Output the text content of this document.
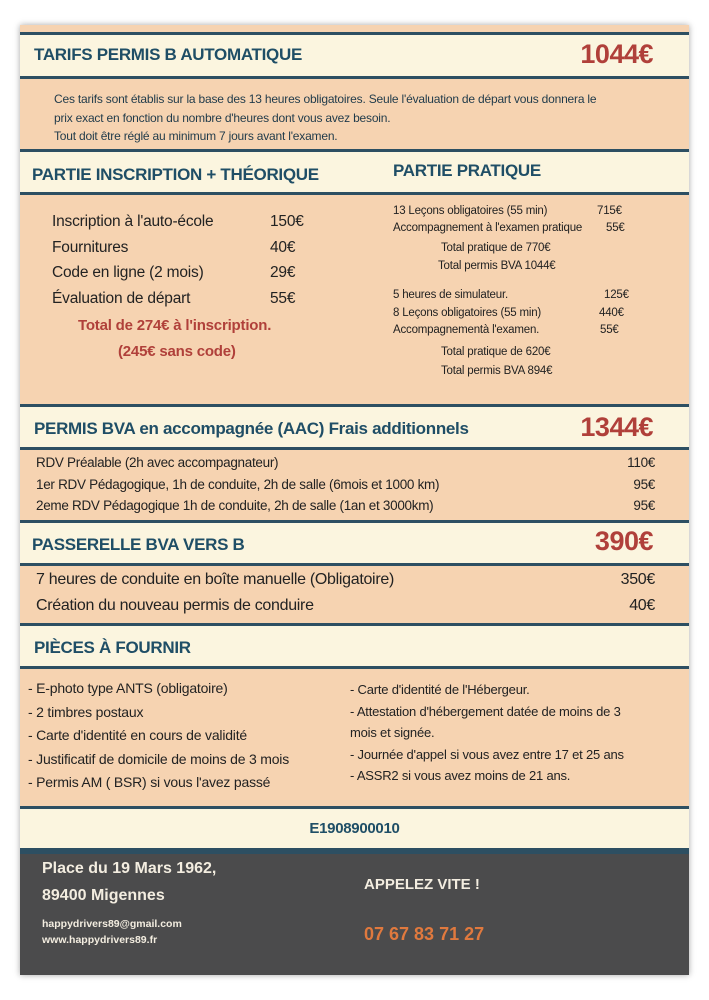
TARIFS PERMIS B AUTOMATIQUE	1044€
Ces tarifs sont établis sur la base des 13 heures obligatoires. Seule l'évaluation de départ vous donnera le
prix exact en fonction du nombre d'heures dont vous avez besoin.
Tout doit être réglé au minimum 7 jours avant l'examen.
PARTIE INSCRIPTION + THÉORIQUE	PARTIE PRATIQUE
Inscription à l'auto-école	150€
Fournitures	40€
Code en ligne (2 mois)	29€
Évaluation de départ	55€
Total de 274€ à l'inscription.
(245€ sans code)
13 Leçons obligatoires (55 min)	715€
Accompagnement à l'examen pratique 55€
Total pratique de 770€
Total permis BVA 1044€
5 heures de simulateur.	125€
8 Leçons obligatoires (55 min)	440€
Accompagnementà l'examen.	55€
Total pratique de 620€
Total permis BVA 894€
PERMIS BVA en accompagnée (AAC) Frais additionnels	1344€
RDV Préalable (2h avec accompagnateur)	110€
1er RDV Pédagogique, 1h de conduite, 2h de salle (6mois et 1000 km)	95€
2eme RDV Pédagogique 1h de conduite, 2h de salle (1an et 3000km)	95€
PASSERELLE BVA VERS B	390€
7 heures de conduite en boîte manuelle (Obligatoire)	350€
Création du nouveau permis de conduire	40€
PIÈCES À FOURNIR
- E-photo type ANTS (obligatoire)
- 2 timbres postaux
- Carte d'identité en cours de validité
- Justificatif de domicile de moins de 3 mois
- Permis AM ( BSR) si vous l'avez passé
- Carte d'identité de l'Hébergeur.
- Attestation d'hébergement datée de moins de 3
mois et signée.
- Journée d'appel si vous avez entre 17 et 25 ans
- ASSR2 si vous avez moins de 21 ans.
E1908900010
Place du 19 Mars 1962,
89400 Migennes
happydrivers89@gmail.com
www.happydrivers89.fr
APPELEZ VITE !
07 67 83 71 27
